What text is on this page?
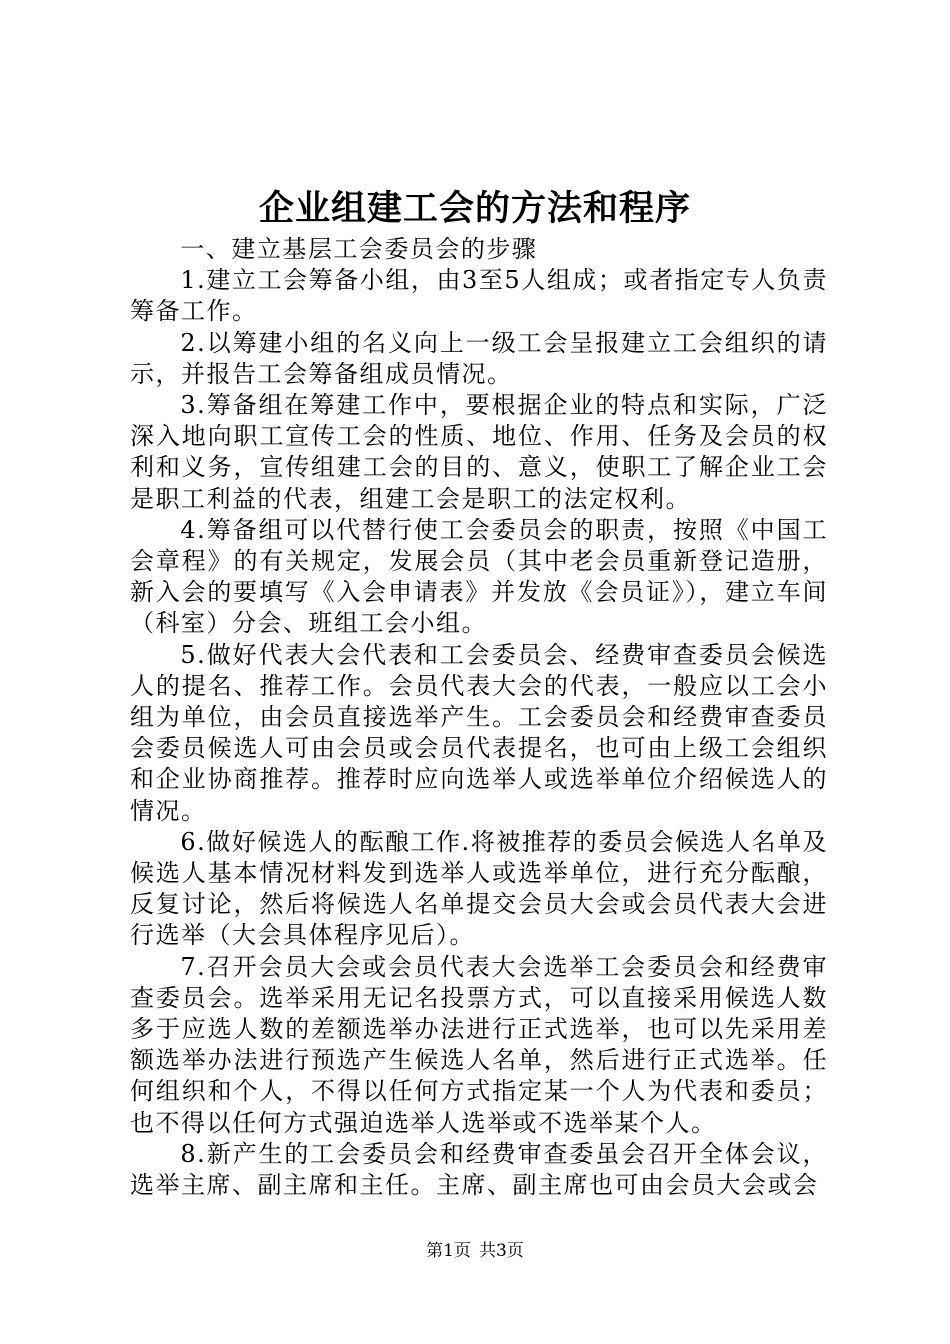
企业组建工会的方法和程序

一、建立基层工会委员会的步骤

1.建立工会筹备小组，由3至5人组成；或者指定专人负责筹备工作。

2.以筹建小组的名义向上一级工会呈报建立工会组织的请示，并报告工会筹备组成员情况。

3.筹备组在筹建工作中，要根据企业的特点和实际，广泛深入地向职工宣传工会的性质、地位、作用、任务及会员的权利和义务，宣传组建工会的目的、意义，使职工了解企业工会是职工利益的代表，组建工会是职工的法定权利。

4.筹备组可以代替行使工会委员会的职责，按照《中国工会章程》的有关规定，发展会员（其中老会员重新登记造册，新入会的要填写《入会申请表》并发放《会员证》），建立车间（科室）分会、班组工会小组。

5.做好代表大会代表和工会委员会、经费审查委员会候选人的提名、推荐工作。会员代表大会的代表，一般应以工会小组为单位，由会员直接选举产生。工会委员会和经费审查委员会委员候选人可由会员或会员代表提名，也可由上级工会组织和企业协商推荐。推荐时应向选举人或选举单位介绍候选人的情况。

6.做好候选人的酝酿工作.将被推荐的委员会候选人名单及候选人基本情况材料发到选举人或选举单位，进行充分酝酿，反复讨论，然后将候选人名单提交会员大会或会员代表大会进行选举（大会具体程序见后）。

7.召开会员大会或会员代表大会选举工会委员会和经费审查委员会。选举采用无记名投票方式，可以直接采用候选人数多于应选人数的差额选举办法进行正式选举，也可以先采用差额选举办法进行预选产生候选人名单，然后进行正式选举。任何组织和个人，不得以任何方式指定某一个人为代表和委员；也不得以任何方式强迫选举人选举或不选举某个人。

8.新产生的工会委员会和经费审查委虽会召开全体会议，选举主席、副主席和主任。主席、副主席也可由会员大会或会

第1页 共3页
